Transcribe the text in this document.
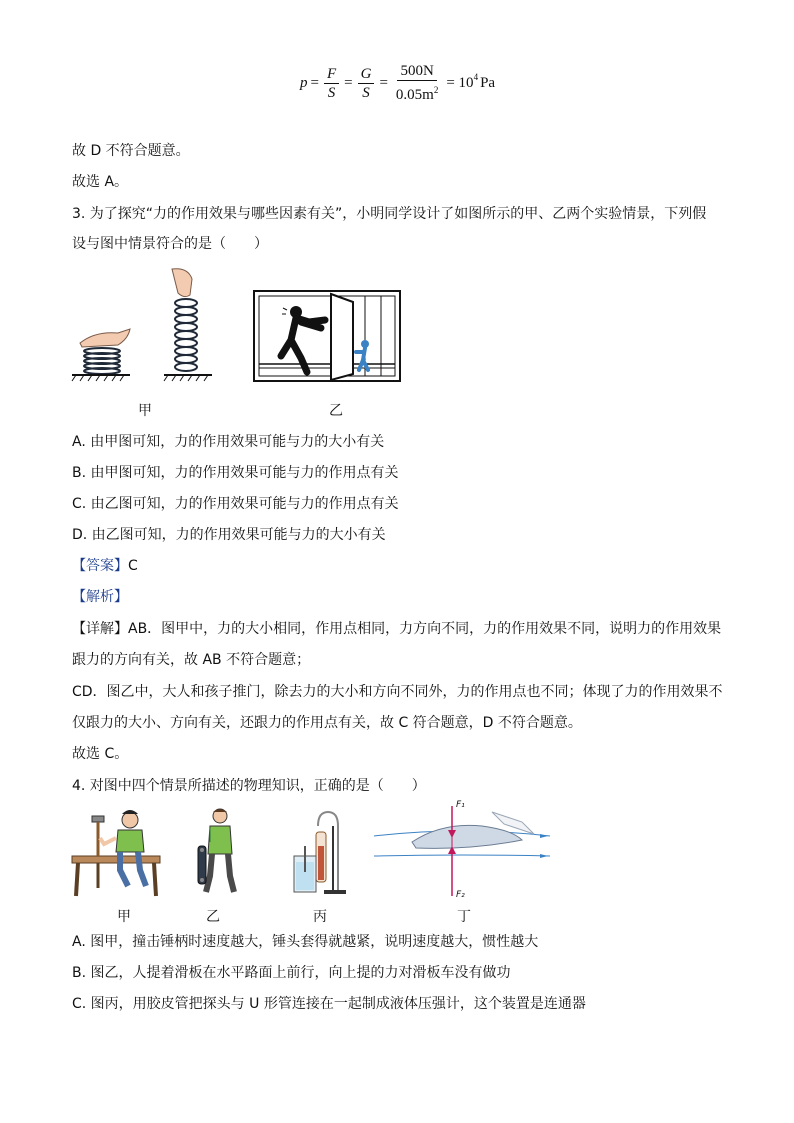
$p = \frac{F}{S} = \frac{G}{S} = \frac{500N}{0.05m^2} = 10^4$ Pa
故 D 不符合题意。
故选 A。
3. 为了探究“力的作用效果与哪些因素有关”，小明同学设计了如图所示的甲、乙两个实验情景，下列假
设与图中情景符合的是（　　）
甲	乙
A. 由甲图可知，力的作用效果可能与力的大小有关
B. 由甲图可知，力的作用效果可能与力的作用点有关
C. 由乙图可知，力的作用效果可能与力的作用点有关
D. 由乙图可知，力的作用效果可能与力的大小有关
【答案】C
【解析】
【详解】AB．图甲中，力的大小相同，作用点相同，力方向不同，力的作用效果不同，说明力的作用效果
跟力的方向有关，故 AB 不符合题意；
CD．图乙中，大人和孩子推门，除去力的大小和方向不同外，力的作用点也不同；体现了力的作用效果不
仅跟力的大小、方向有关，还跟力的作用点有关，故 C 符合题意，D 不符合题意。
故选 C。
4. 对图中四个情景所描述的物理知识，正确的是（　　）
F₁
F₂
甲	乙	丙	丁
A. 图甲，撞击锤柄时速度越大，锤头套得就越紧，说明速度越大，惯性越大
B. 图乙，人提着滑板在水平路面上前行，向上提的力对滑板车没有做功
C. 图丙，用胶皮管把探头与 U 形管连接在一起制成液体压强计，这个装置是连通器
